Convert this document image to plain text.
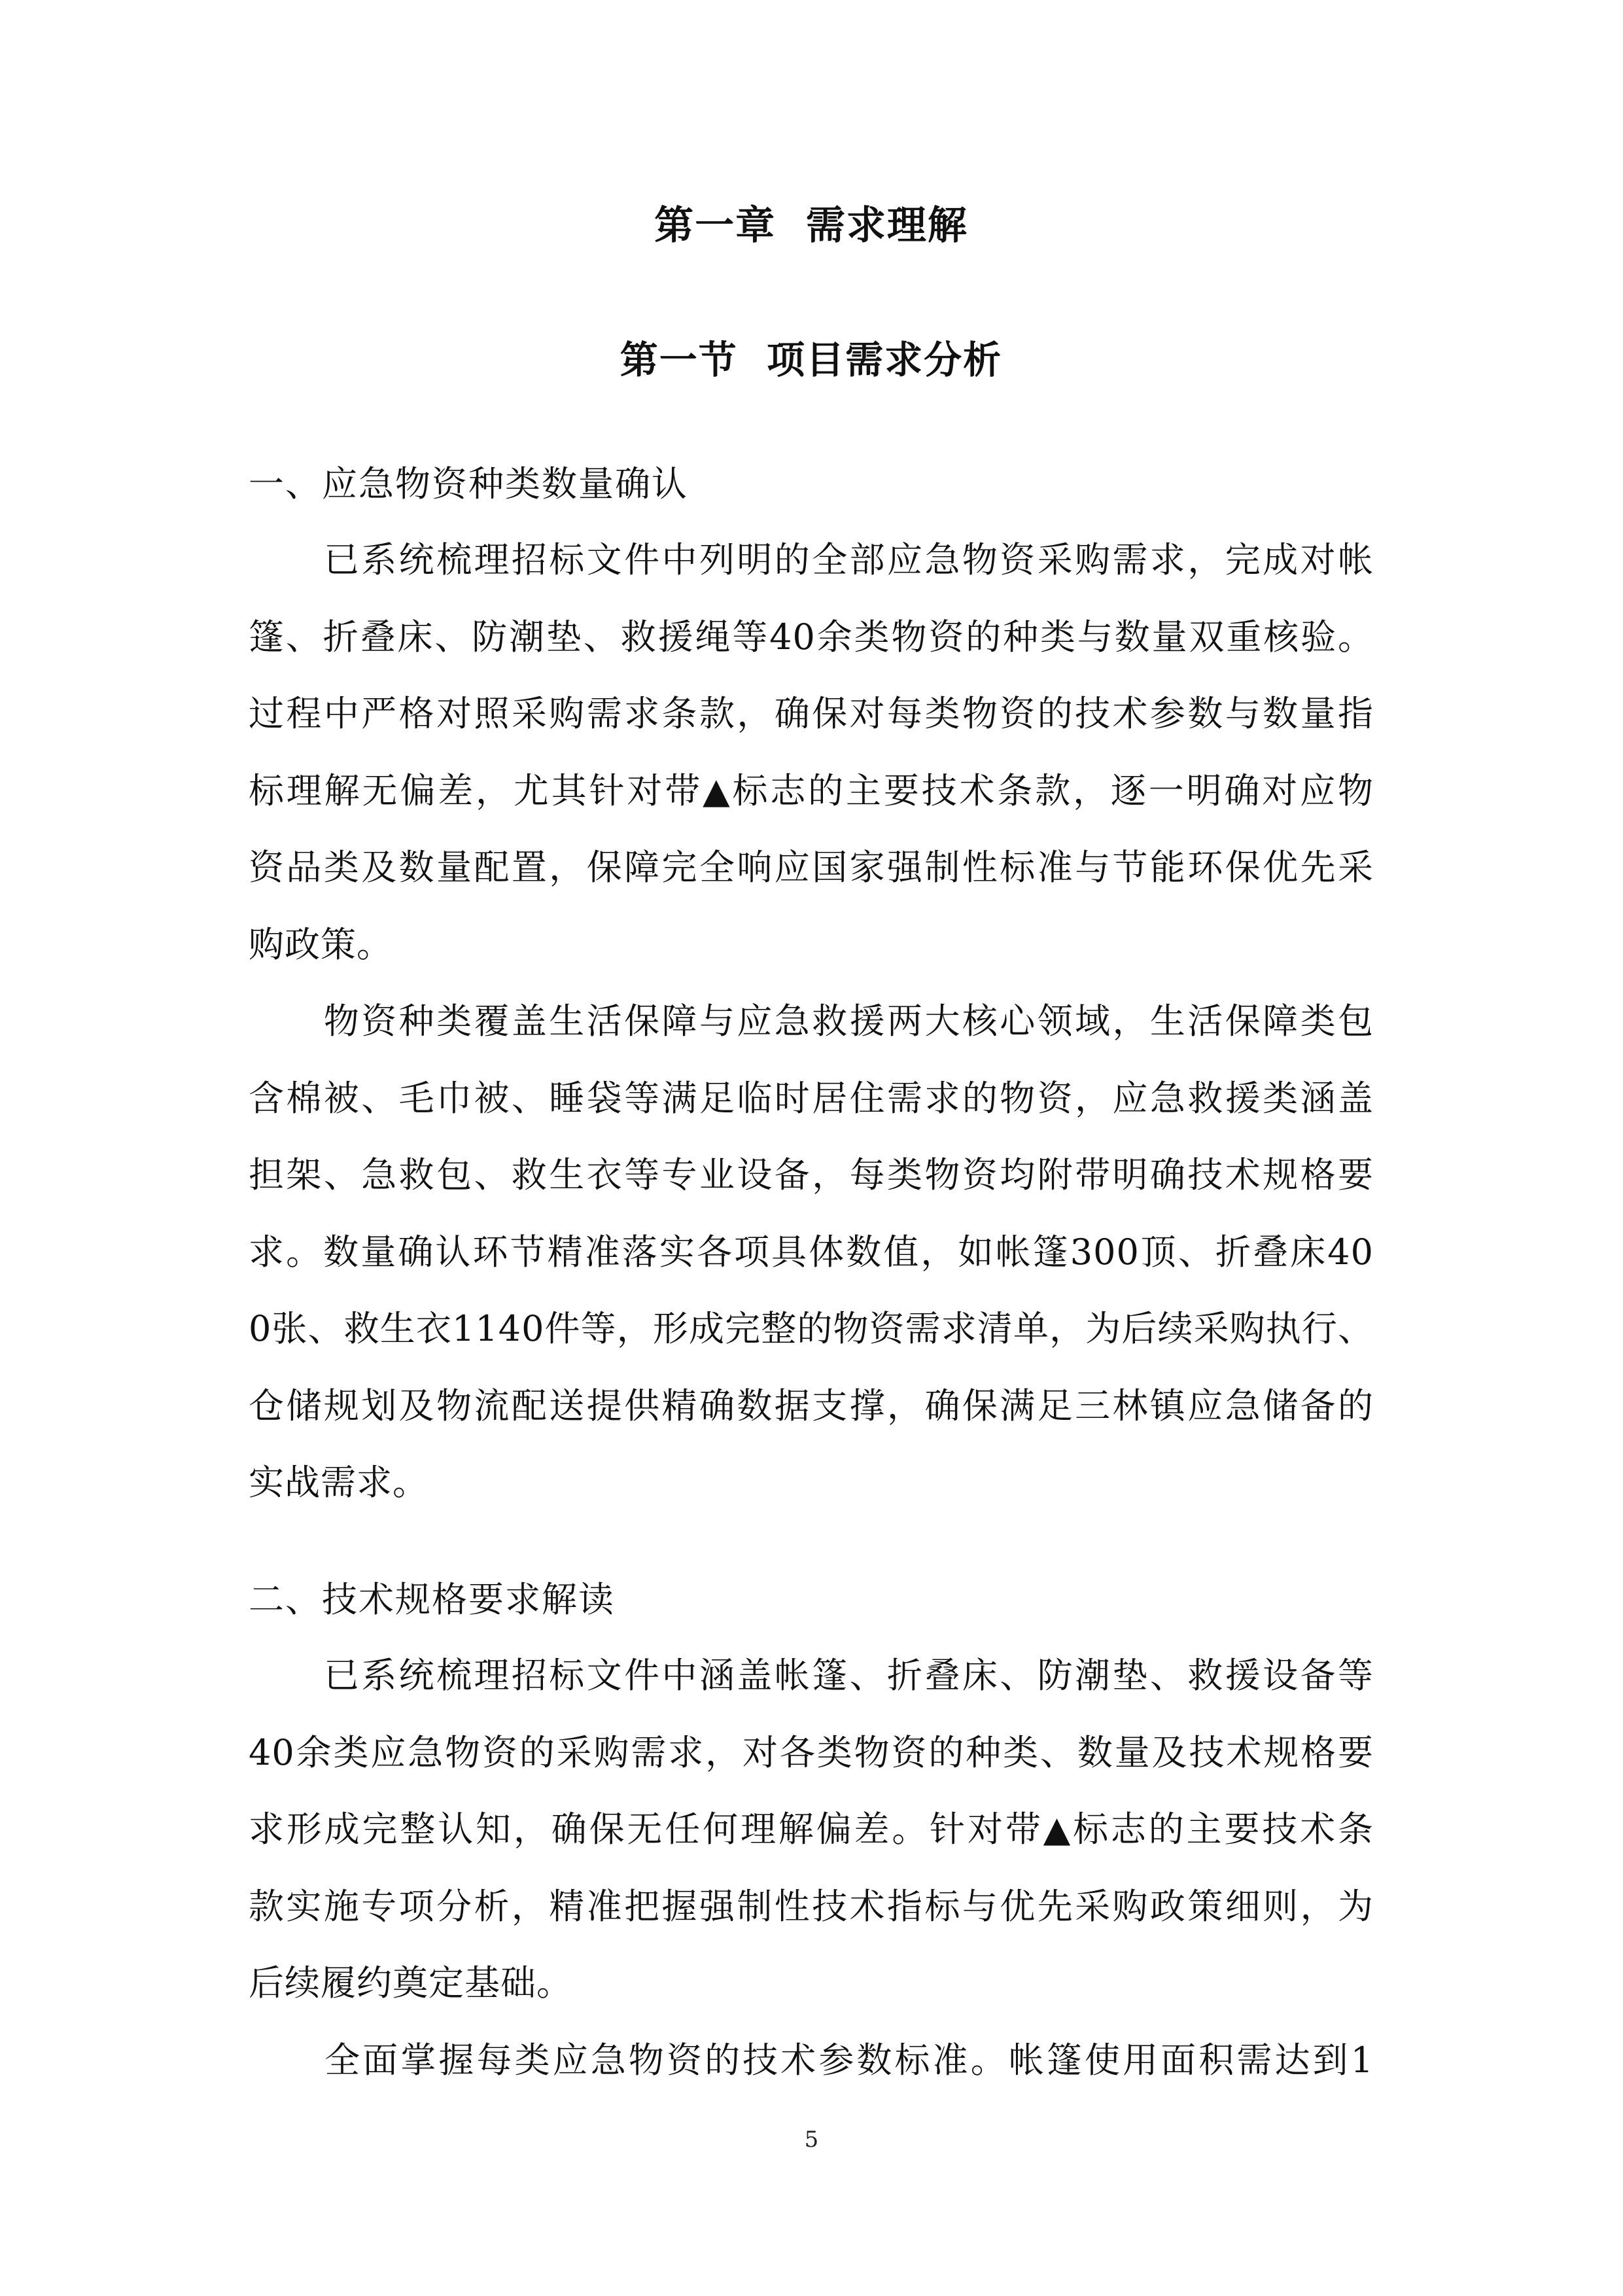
第一章  需求理解
第一节  项目需求分析
一、应急物资种类数量确认
　　已系统梳理招标文件中列明的全部应急物资采购需求，完成对帐
篷、折叠床、防潮垫、救援绳等40余类物资的种类与数量双重核验。
过程中严格对照采购需求条款，确保对每类物资的技术参数与数量指
标理解无偏差，尤其针对带▲标志的主要技术条款，逐一明确对应物
资品类及数量配置，保障完全响应国家强制性标准与节能环保优先采
购政策。
　　物资种类覆盖生活保障与应急救援两大核心领域，生活保障类包
含棉被、毛巾被、睡袋等满足临时居住需求的物资，应急救援类涵盖
担架、急救包、救生衣等专业设备，每类物资均附带明确技术规格要
求。数量确认环节精准落实各项具体数值，如帐篷300顶、折叠床40
0张、救生衣1140件等，形成完整的物资需求清单，为后续采购执行、
仓储规划及物流配送提供精确数据支撑，确保满足三林镇应急储备的
实战需求。
二、技术规格要求解读
　　已系统梳理招标文件中涵盖帐篷、折叠床、防潮垫、救援设备等
40余类应急物资的采购需求，对各类物资的种类、数量及技术规格要
求形成完整认知，确保无任何理解偏差。针对带▲标志的主要技术条
款实施专项分析，精准把握强制性技术指标与优先采购政策细则，为
后续履约奠定基础。
　　全面掌握每类应急物资的技术参数标准。帐篷使用面积需达到1
5
